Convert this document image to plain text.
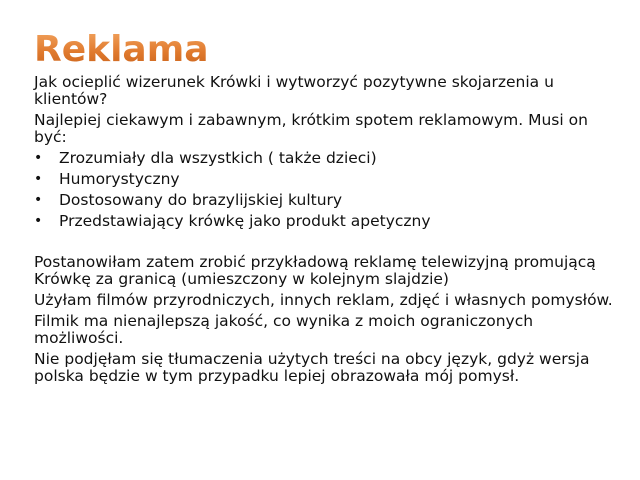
Reklama

Jak ocieplić wizerunek Krówki i wytworzyć pozytywne skojarzenia u klientów?

Najlepiej ciekawym i zabawnym, krótkim spotem reklamowym. Musi on być:

• Zrozumiały dla wszystkich ( także dzieci)
• Humorystyczny
• Dostosowany do brazylijskiej kultury
• Przedstawiający krówkę jako produkt apetyczny

Postanowiłam zatem zrobić przykładową reklamę telewizyjną promującą Krówkę za granicą (umieszczony w kolejnym slajdzie)

Użyłam filmów przyrodniczych, innych reklam, zdjęć i własnych pomysłów.

Filmik ma nienajlepszą jakość, co wynika z moich ograniczonych możliwości.

Nie podjęłam się tłumaczenia użytych treści na obcy język, gdyż wersja polska będzie w tym przypadku lepiej obrazowała mój pomysł.
